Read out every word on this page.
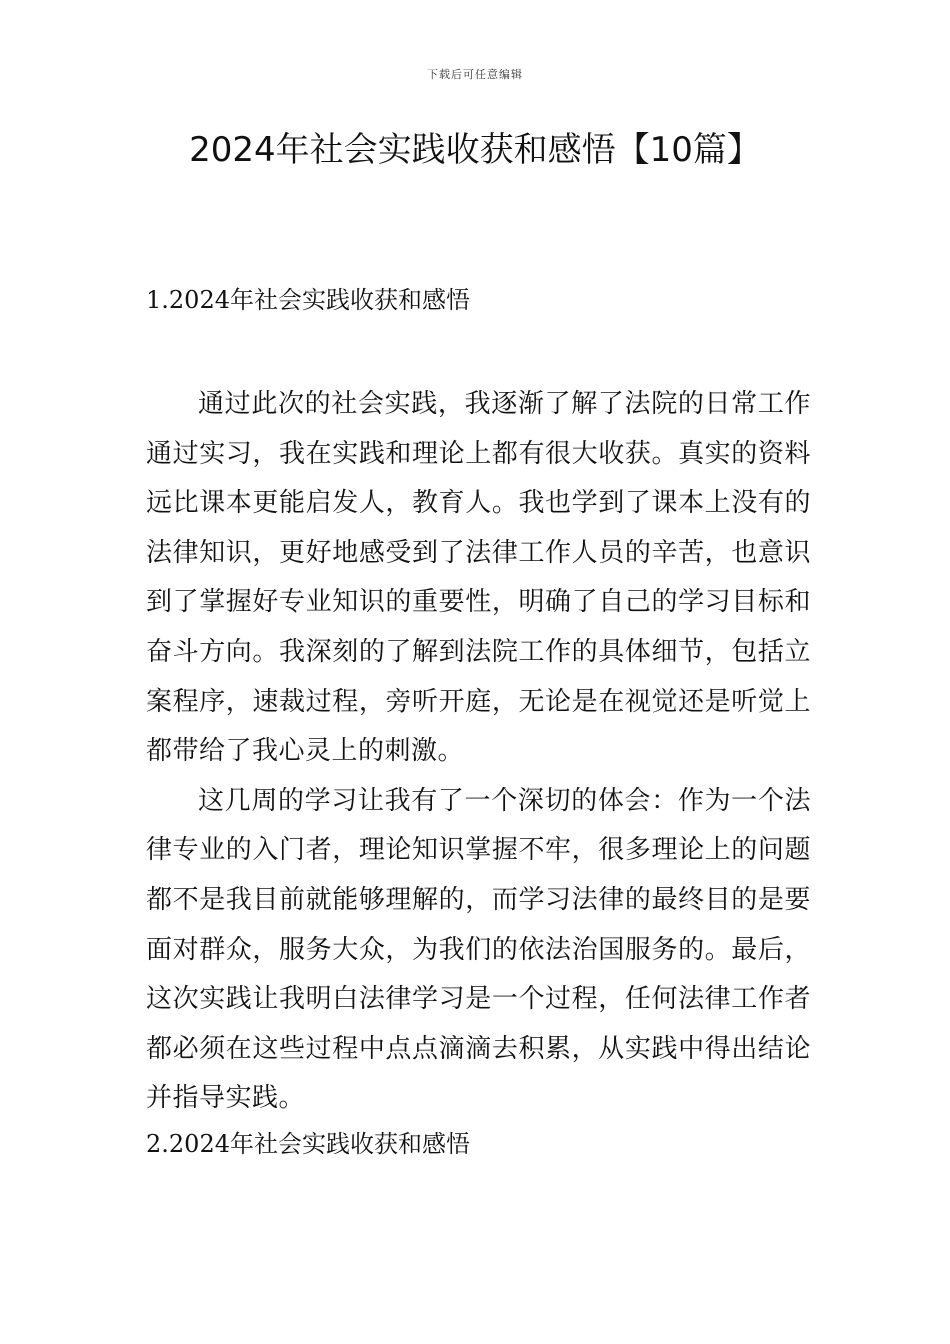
下载后可任意编辑
2024年社会实践收获和感悟【10篇】
1.2024年社会实践收获和感悟

通过此次的社会实践，我逐渐了解了法院的日常工作通过实习，我在实践和理论上都有很大收获。真实的资料远比课本更能启发人，教育人。我也学到了课本上没有的法律知识，更好地感受到了法律工作人员的辛苦，也意识到了掌握好专业知识的重要性，明确了自己的学习目标和奋斗方向。我深刻的了解到法院工作的具体细节，包括立案程序，速裁过程，旁听开庭，无论是在视觉还是听觉上都带给了我心灵上的刺激。

这几周的学习让我有了一个深切的体会：作为一个法律专业的入门者，理论知识掌握不牢，很多理论上的问题都不是我目前就能够理解的，而学习法律的最终目的是要面对群众，服务大众，为我们的依法治国服务的。最后，这次实践让我明白法律学习是一个过程，任何法律工作者都必须在这些过程中点点滴滴去积累，从实践中得出结论并指导实践。

2.2024年社会实践收获和感悟
